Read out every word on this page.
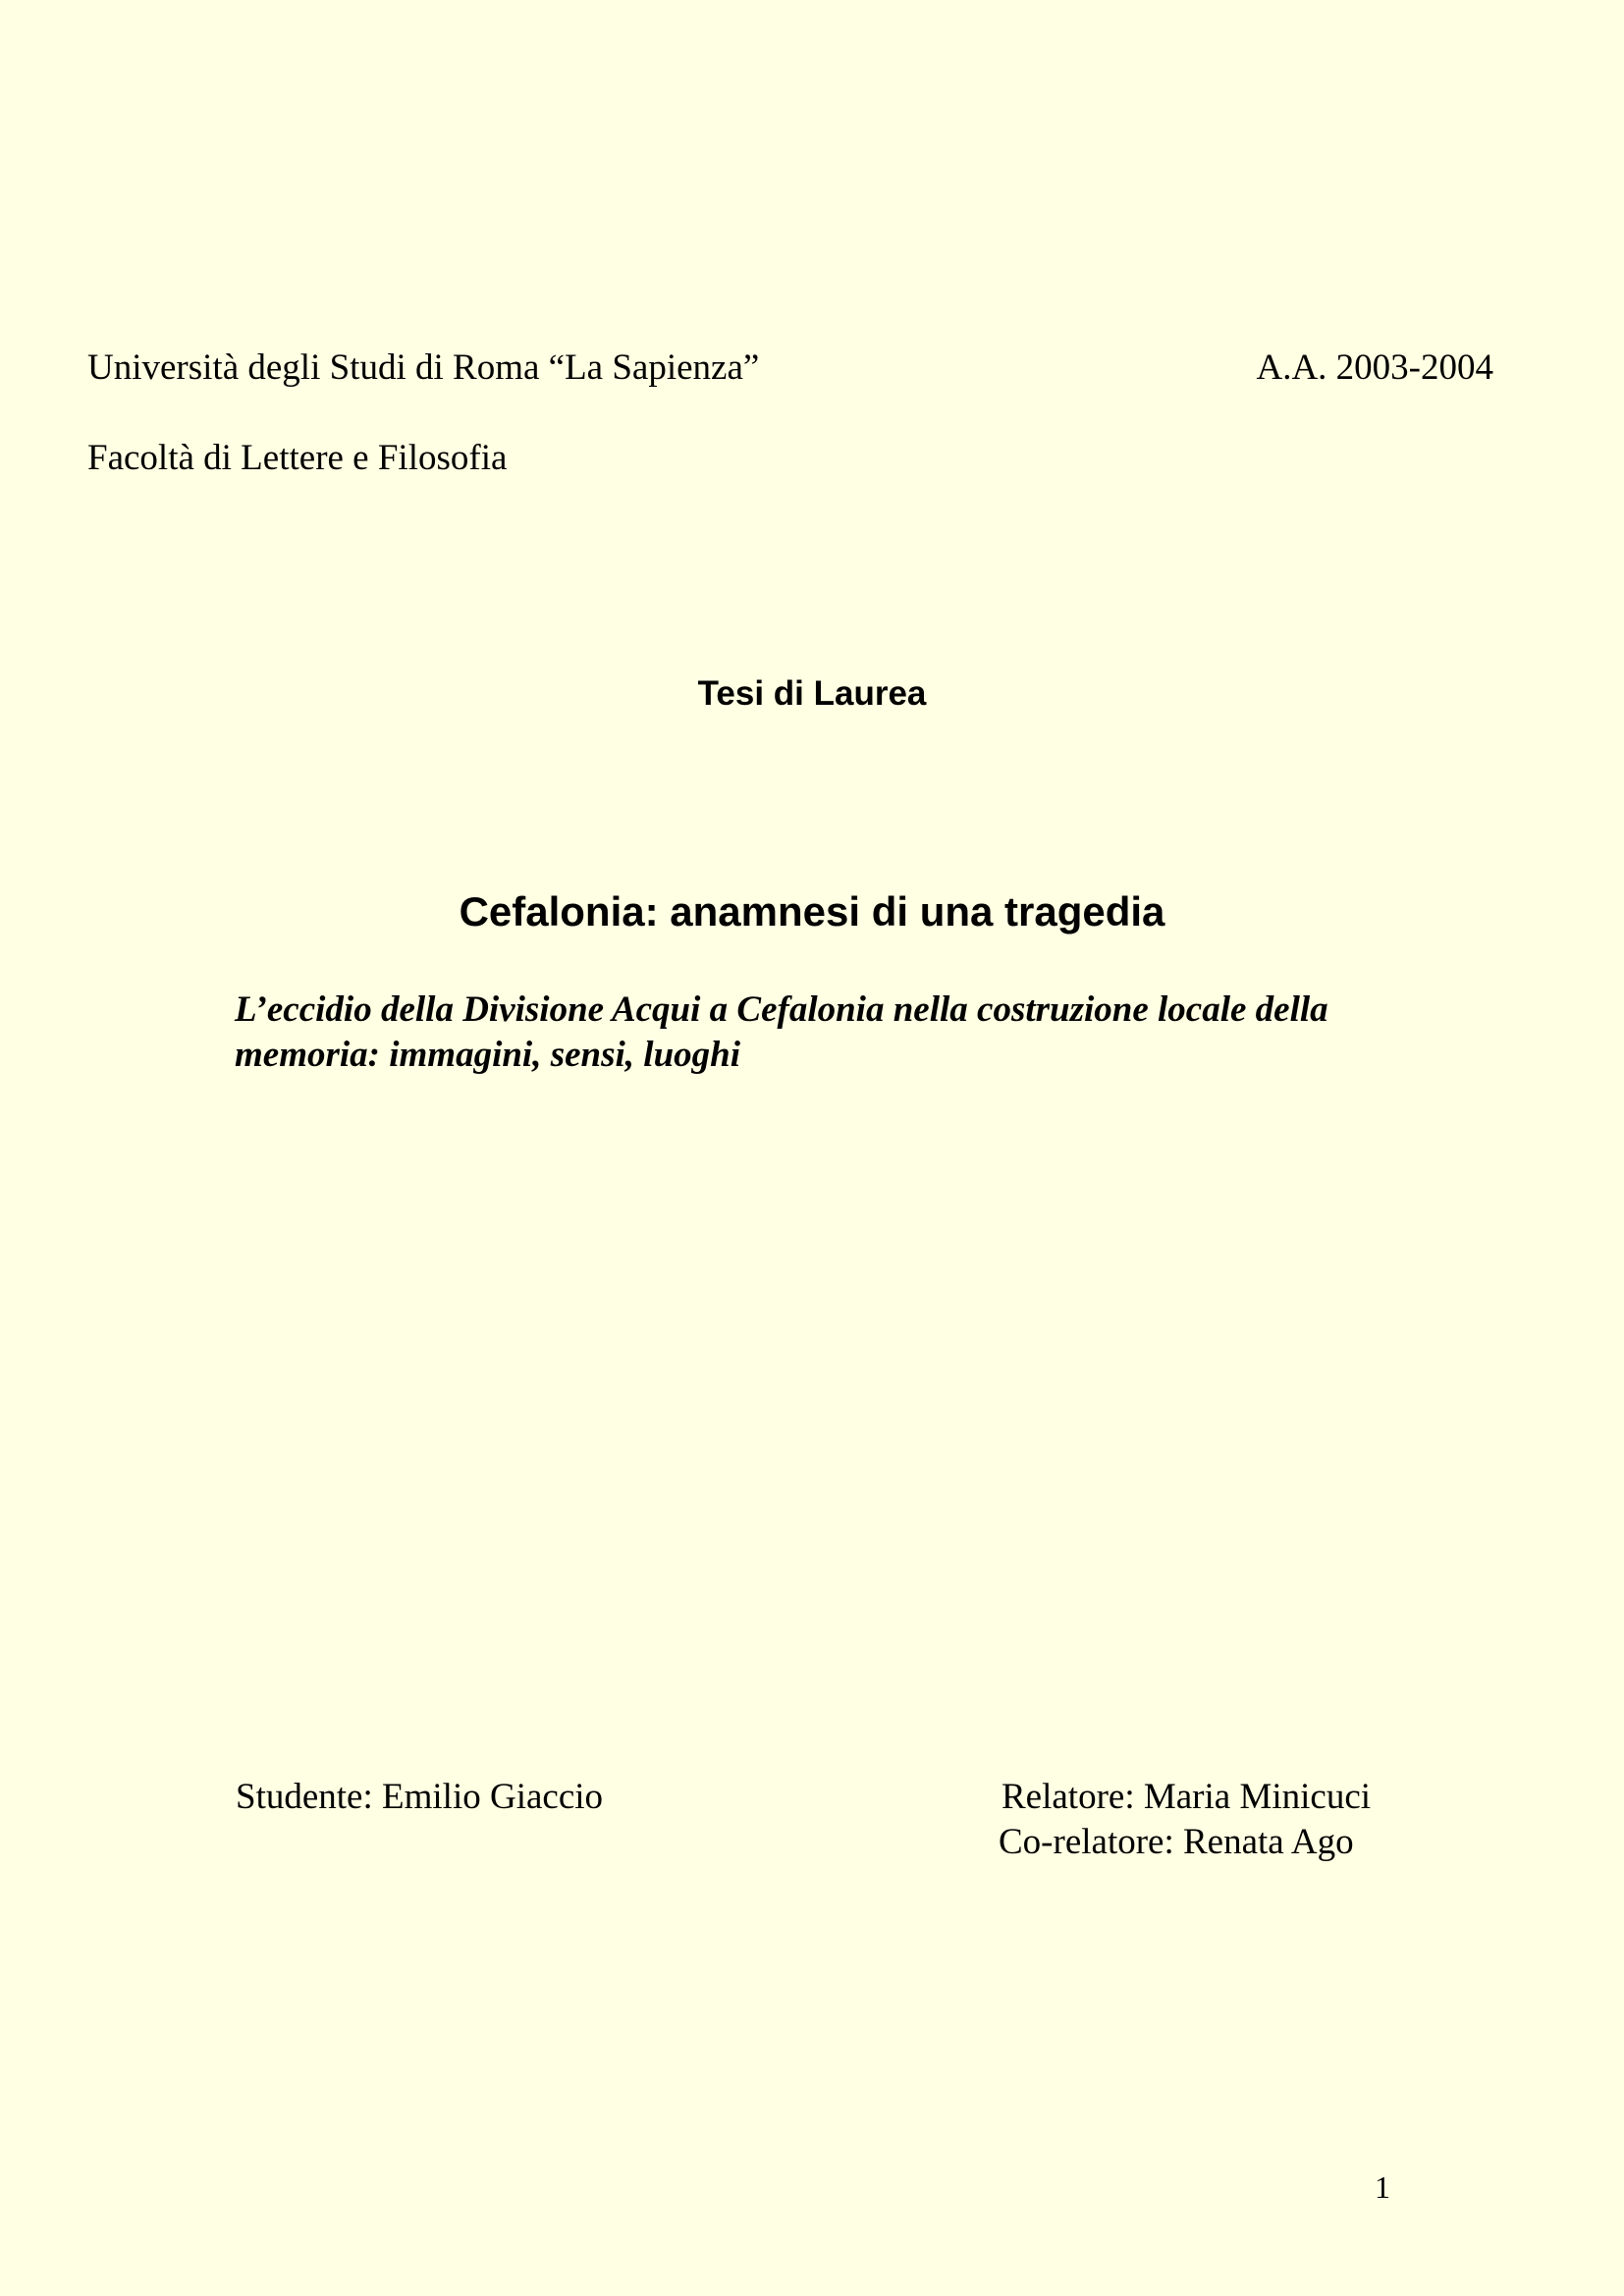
Università degli Studi di Roma “La Sapienza”	A.A. 2003-2004
Facoltà di Lettere e Filosofia
Tesi di Laurea
Cefalonia: anamnesi di una tragedia
L’eccidio della Divisione Acqui a Cefalonia nella costruzione locale della
memoria: immagini, sensi, luoghi
Studente: Emilio Giaccio	Relatore: Maria Minicuci
Co-relatore: Renata Ago
1
